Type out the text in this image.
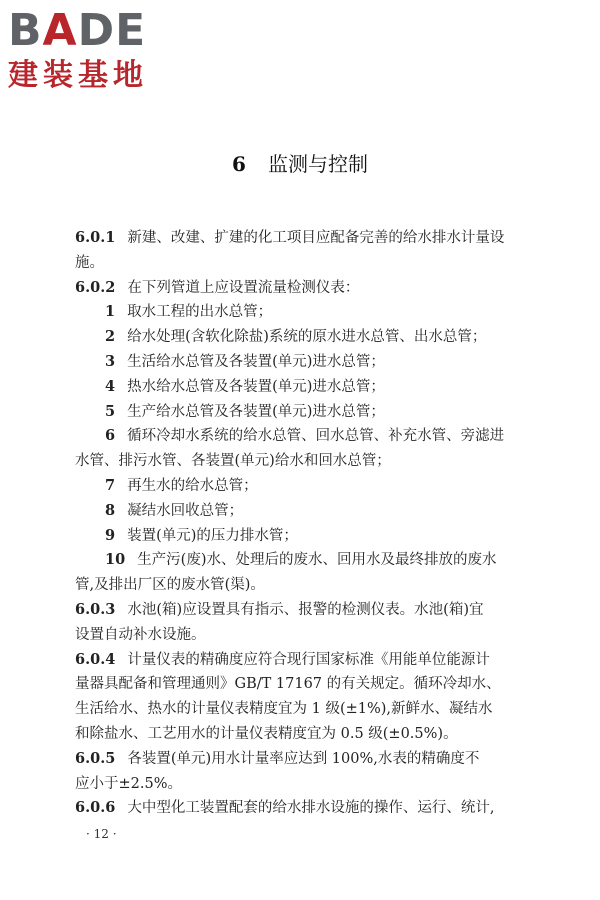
BADE
建装基地
6 监测与控制
6.0.1 新建、改建、扩建的化工项目应配备完善的给水排水计量设
施。
6.0.2 在下列管道上应设置流量检测仪表：
1 取水工程的出水总管；
2 给水处理(含软化除盐)系统的原水进水总管、出水总管；
3 生活给水总管及各装置(单元)进水总管；
4 热水给水总管及各装置(单元)进水总管；
5 生产给水总管及各装置(单元)进水总管；
6 循环冷却水系统的给水总管、回水总管、补充水管、旁滤进
水管、排污水管、各装置(单元)给水和回水总管；
7 再生水的给水总管；
8 凝结水回收总管；
9 装置(单元)的压力排水管；
10 生产污(废)水、处理后的废水、回用水及最终排放的废水
管,及排出厂区的废水管(渠)。
6.0.3 水池(箱)应设置具有指示、报警的检测仪表。水池(箱)宜
设置自动补水设施。
6.0.4 计量仪表的精确度应符合现行国家标准《用能单位能源计
量器具配备和管理通则》GB/T 17167 的有关规定。循环冷却水、
生活给水、热水的计量仪表精度宜为 1 级(±1%),新鲜水、凝结水
和除盐水、工艺用水的计量仪表精度宜为 0.5 级(±0.5%)。
6.0.5 各装置(单元)用水计量率应达到 100%,水表的精确度不
应小于±2.5%。
6.0.6 大中型化工装置配套的给水排水设施的操作、运行、统计,
· 12 ·
